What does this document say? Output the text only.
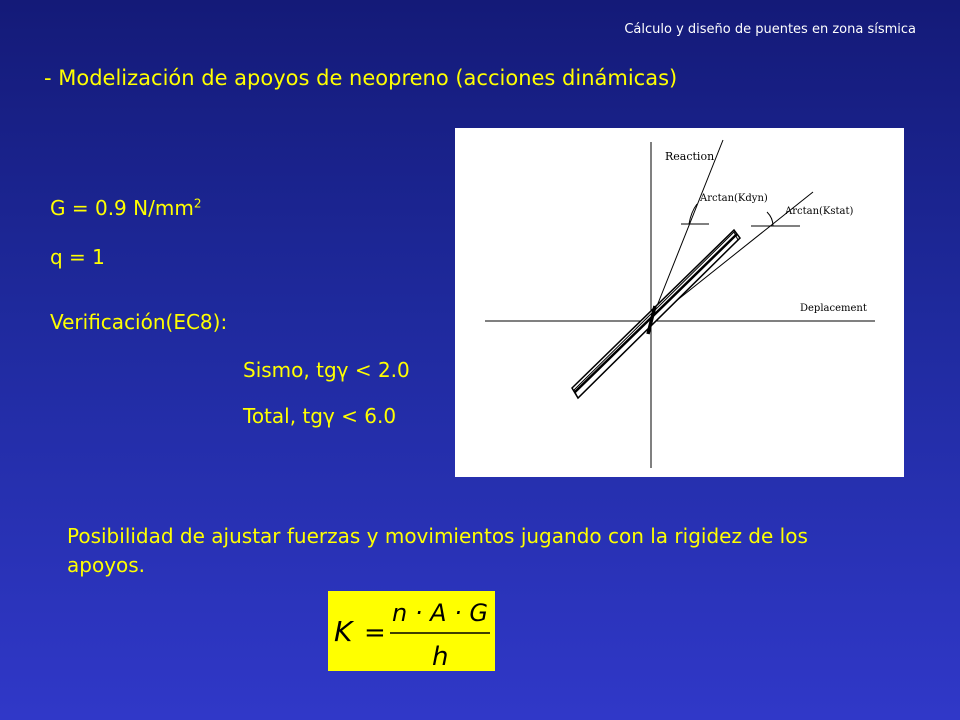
Cálculo y diseño de puentes en zona sísmica
- Modelización de apoyos de neopreno (acciones dinámicas)
G = 0.9 $N/mm^2$
q = 1
Verificación(EC8):
Sismo, tgγ < 2.0
Total, tgγ < 6.0
Reaction
Arctan(Kdyn)
Arctan(Kstat)
Deplacement
Posibilidad de ajustar fuerzas y movimientos jugando con la rigidez de los apoyos.
K =
n · A · G
h
